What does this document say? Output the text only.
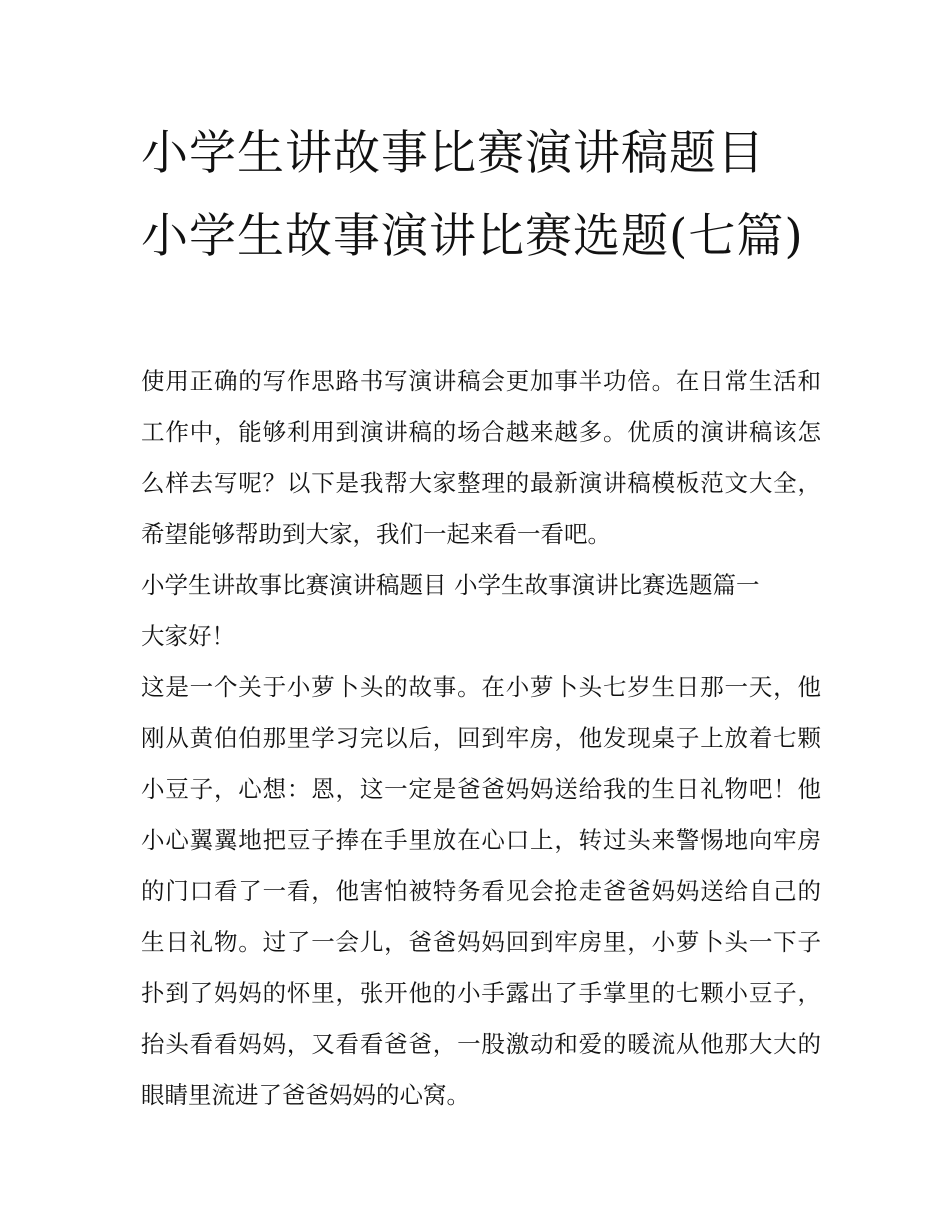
小学生讲故事比赛演讲稿题目 小学生故事演讲比赛选题(七篇)

使用正确的写作思路书写演讲稿会更加事半功倍。在日常生活和工作中，能够利用到演讲稿的场合越来越多。优质的演讲稿该怎么样去写呢？以下是我帮大家整理的最新演讲稿模板范文大全，希望能够帮助到大家，我们一起来看一看吧。

小学生讲故事比赛演讲稿题目 小学生故事演讲比赛选题篇一

大家好！

这是一个关于小萝卜头的故事。在小萝卜头七岁生日那一天，他刚从黄伯伯那里学习完以后，回到牢房，他发现桌子上放着七颗小豆子，心想：恩，这一定是爸爸妈妈送给我的生日礼物吧！他小心翼翼地把豆子捧在手里放在心口上，转过头来警惕地向牢房的门口看了一看，他害怕被特务看见会抢走爸爸妈妈送给自己的生日礼物。过了一会儿，爸爸妈妈回到牢房里，小萝卜头一下子扑到了妈妈的怀里，张开他的小手露出了手掌里的七颗小豆子，抬头看看妈妈，又看看爸爸，一股激动和爱的暖流从他那大大的眼睛里流进了爸爸妈妈的心窝。
